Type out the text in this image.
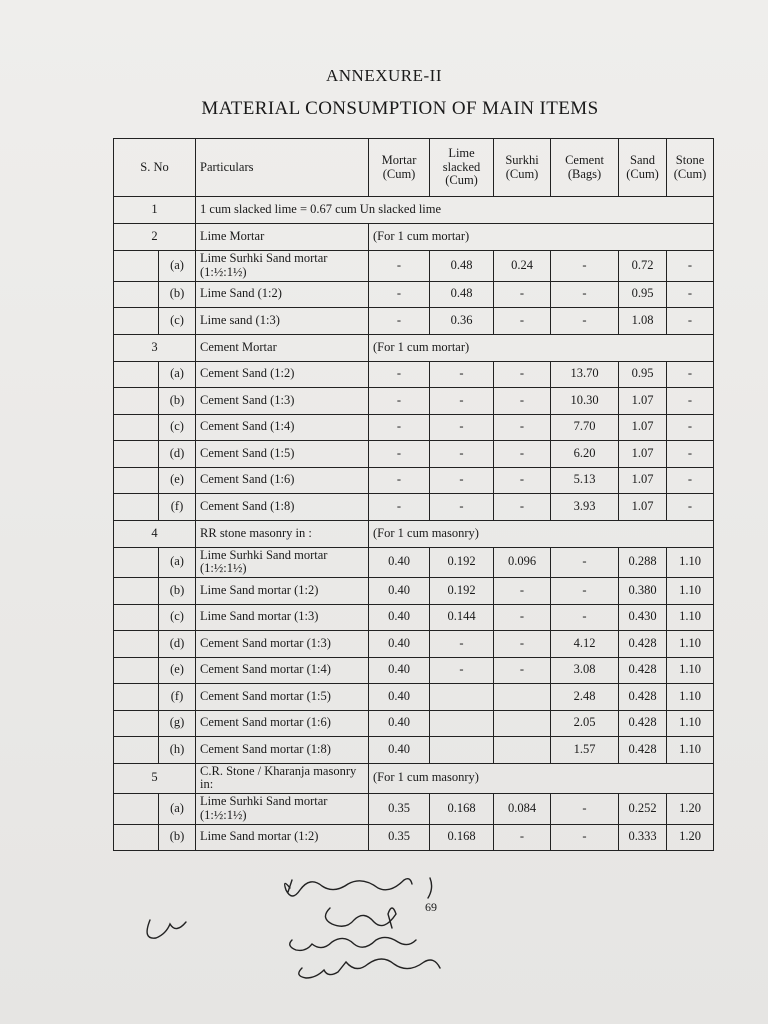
ANNEXURE-II
MATERIAL CONSUMPTION OF MAIN ITEMS
S. No		Particulars	Mortar (Cum)	Lime slacked (Cum)	Surkhi (Cum)	Cement (Bags)	Sand (Cum)	Stone (Cum)
1		1 cum slacked lime = 0.67 cum Un slacked lime						
2		Lime Mortar	(For 1 cum mortar)					
	(a)	Lime Surhki Sand mortar (1:½:1½)	-	0.48	0.24	-	0.72	-
	(b)	Lime Sand (1:2)	-	0.48	-	-	0.95	-
	(c)	Lime sand (1:3)	-	0.36	-	-	1.08	-
3		Cement Mortar	(For 1 cum mortar)					
	(a)	Cement Sand (1:2)	-	-	-	13.70	0.95	-
	(b)	Cement Sand (1:3)	-	-	-	10.30	1.07	-
	(c)	Cement Sand (1:4)	-	-	-	7.70	1.07	-
	(d)	Cement Sand (1:5)	-	-	-	6.20	1.07	-
	(e)	Cement Sand (1:6)	-	-	-	5.13	1.07	-
	(f)	Cement Sand (1:8)	-	-	-	3.93	1.07	-
4		RR stone masonry in :	(For 1 cum masonry)					
	(a)	Lime Surhki Sand mortar (1:½:1½)	0.40	0.192	0.096	-	0.288	1.10
	(b)	Lime Sand mortar (1:2)	0.40	0.192	-	-	0.380	1.10
	(c)	Lime Sand mortar (1:3)	0.40	0.144	-	-	0.430	1.10
	(d)	Cement Sand mortar (1:3)	0.40	-	-	4.12	0.428	1.10
	(e)	Cement Sand mortar (1:4)	0.40	-	-	3.08	0.428	1.10
	(f)	Cement Sand mortar (1:5)	0.40			2.48	0.428	1.10
	(g)	Cement Sand mortar (1:6)	0.40			2.05	0.428	1.10
	(h)	Cement Sand mortar (1:8)	0.40			1.57	0.428	1.10
5		C.R. Stone / Kharanja masonry in:	(For 1 cum masonry)					
	(a)	Lime Surhki Sand mortar (1:½:1½)	0.35	0.168	0.084	-	0.252	1.20
	(b)	Lime Sand mortar (1:2)	0.35	0.168	-	-	0.333	1.20
69
